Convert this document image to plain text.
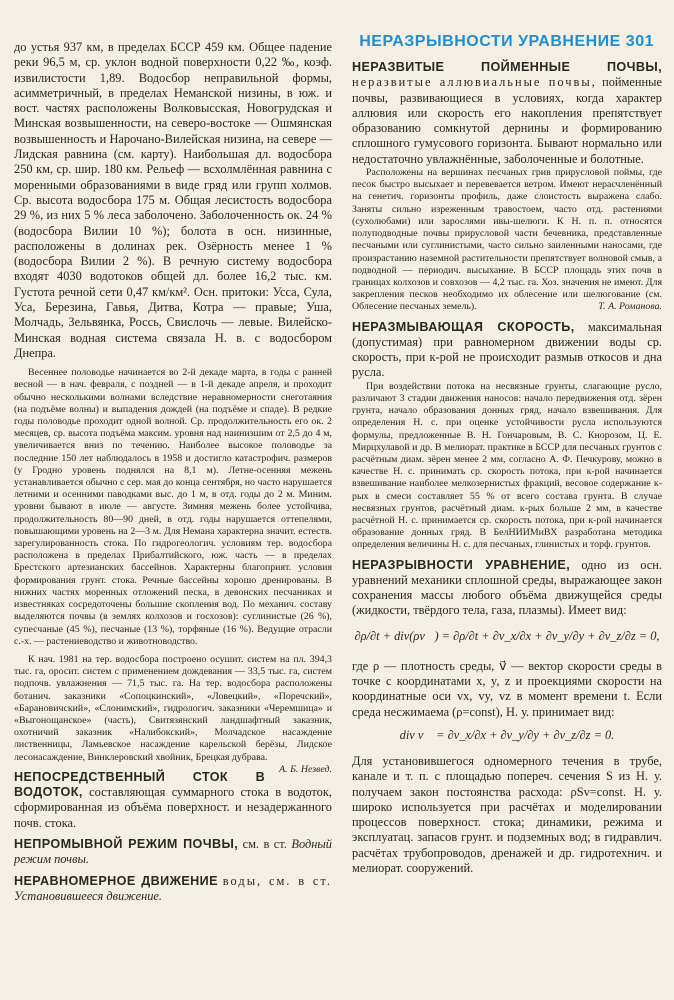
НЕРАЗРЫВНОСТИ УРАВНЕНИЕ 301

до устья 937 км, в пределах БССР 459 км. Общее падение реки 96,5 м, ср. уклон водной поверхности 0,22 ‰, коэф. извилистости 1,89. Водосбор неправильной формы, асимметричный, в пределах Неманской низины, в юж. и вост. частях расположены Волковысская, Новогрудская и Минская возвышенности, на северо-востоке — Ошмянская возвышенность и Нарочано-Вилейская низина, на севере — Лидская равнина (см. карту). Наибольшая дл. водосбора 250 км, ср. шир. 180 км. Рельеф — всхолмлённая равнина с моренными образованиями в виде гряд или групп холмов. Ср. высота водосбора 175 м. Общая лесистость водосбора 29 %, из них 5 % леса заболочено. Заболоченность ок. 24 % (водосбора Вилии 10 %); болота в осн. низинные, расположены в долинах рек. Озёрность менее 1 % (водосбора Вилии 2 %). В речную систему водосбора входят 4030 водотоков общей дл. более 16,2 тыс. км. Густота речной сети 0,47 км/км². Осн. притоки: Усса, Сула, Уса, Березина, Гавья, Дитва, Котра — правые; Уша, Молчадь, Зельвянка, Россь, Свислочь — левые. Вилейско-Минская водная система связала Н. в. с водосбором Днепра.

Весеннее половодье начинается во 2-й декаде марта, в годы с ранней весной — в нач. февраля, с поздней — в 1-й декаде апреля, и проходит обычно несколькими волнами вследствие неравномерности снеготаяния (на подъёме волны) и выпадения дождей (на подъёме и спаде). В редкие годы половодье проходит одной волной. Ср. продолжительность его ок. 2 месяцев, ср. высота подъёма максим. уровня над наинизшим от 2,5 до 4 м, увеличивается вниз по течению. Наиболее высокое половодье за последние 150 лет наблюдалось в 1958 и достигло катастрофич. размеров (у Гродно уровень поднялся на 8,1 м). Летне-осенняя межень устанавливается обычно с сер. мая до конца сентября, но часто нарушается летними и осенними паводками выс. до 1 м, в отд. годы до 2 м. Миним. уровни бывают в июле — августе. Зимняя межень более устойчива, продолжительность 80—90 дней, в отд. годы нарушается оттепелями, повышающими уровень на 2—3 м. Для Немана характерна значит. естеств. зарегулированность стока. По гидрогеологич. условиям тер. водосбора расположена в пределах Прибалтийского, юж. часть — в пределах Брестского артезианских бассейнов. Характерны благоприят. условия формирования грунт. стока. Речные бассейны хорошо дренированы. В нижних частях моренных отложений песка, в девонских песчаниках и известняках сосредоточены большие скопления вод. По механич. составу выделяются почвы (в землях колхозов и госхозов): суглинистые (26 %), супесчаные (45 %), песчаные (13 %), торфяные (16 %). Ведущие отрасли с.-х. — растениеводство и животноводство.

К нач. 1981 на тер. водосбора построено осушит. систем на пл. 394,3 тыс. га, оросит. систем с применением дождевания — 33,5 тыс. га, систем подпочв. увлажнения — 71,5 тыс. га. На тер. водосбора расположены ботанич. заказники «Сопоцкинский», «Ловецкий», «Поречский», «Барановичский», «Слонимский», гидрологич. заказники «Черемшица» и «Выгонощанское» (часть), Свитязянский ландшафтный заказник, охотничий заказник «Налибокский», Молчадское насаждение лиственницы, Ламьевское насаждение карельской берёзы, Лидское лесонасаждение, Винклеровский хвойник, Брецкая дубрава.
А. Б. Незвед.

НЕПОСРЕДСТВЕННЫЙ СТОК В ВОДОТОК, составляющая суммарного стока в водоток, сформированная из объёма поверхност. и незадержанного почв. стока.

НЕПРОМЫВНОЙ РЕЖИМ ПОЧВЫ, см. в ст. Водный режим почвы.

НЕРАВНОМЕРНОЕ ДВИЖЕНИЕ воды, см. в ст. Установившееся движение.

НЕРАЗВИТЫЕ ПОЙМЕННЫЕ ПОЧВЫ, неразвитые аллювиальные почвы, пойменные почвы, развивающиеся в условиях, когда характер аллювия или скорость его накопления препятствует образованию сомкнутой дернины и формированию сплошного гумусового горизонта. Бывают нормально или недостаточно увлажнённые, заболоченные и болотные.

Расположены на вершинах песчаных грив прирусловой поймы, где песок быстро высыхает и перевевается ветром. Имеют нерасчленённый на генетич. горизонты профиль, даже слоистость выражена слабо. Заняты сильно изреженным травостоем, часто отд. растениями (сухолюбами) или зарослями ивы-шелюги. К Н. п. п. относятся полуподводные почвы прирусловой части бечевника, представленные песчаными или суглинистыми, часто сильно заиленными наносами, где произрастанию наземной растительности препятствует волновой смыв, а подводной — периодич. высыхание. В БССР площадь этих почв в границах колхозов и совхозов — 4,2 тыс. га. Хоз. значения не имеют. Для закрепления песков необходимо их облесение или шелюгование (см. Облесение песчаных земель).	Т. А. Романова.

НЕРАЗМЫВАЮЩАЯ СКОРОСТЬ, максимальная (допустимая) при равномерном движении воды ср. скорость, при к-рой не происходит размыв откосов и дна русла.

При воздействии потока на несвязные грунты, слагающие русло, различают 3 стадии движения наносов: начало передвижения отд. зёрен грунта, начало образования донных гряд, начало взвешивания. Для определения Н. с. при оценке устойчивости русла используются формулы, предложенные В. Н. Гончаровым, В. С. Кнорозом, Ц. Е. Мирцхулавой и др. В мелиорат. практике в БССР для песчаных грунтов с расчётным диам. зёрен менее 2 мм, согласно А. Ф. Печкурову, можно в качестве Н. с. принимать ср. скорость потока, при к-рой начинается взвешивание наиболее мелкозернистых фракций, весовое содержание к-рых в смеси составляет 55 % от всего состава грунта. В случае несвязных грунтов, расчётный диам. к-рых больше 2 мм, в качестве расчётной Н. с. принимается ср. скорость потока, при к-рой начинается образование донных гряд. В БелНИИМиВХ разработана методика определения величины Н. с. для песчаных, глинистых и торф. грунтов.

НЕРАЗРЫВНОСТИ УРАВНЕНИЕ, одно из осн. уравнений механики сплошной среды, выражающее закон сохранения массы любого объёма движущейся среды (жидкости, твёрдого тела, газа, плазмы). Имеет вид:

∂ρ/∂t + div(ρv⃗) = ∂ρ/∂t + ∂v_x/∂x + ∂v_y/∂y + ∂v_z/∂z = 0,

где ρ — плотность среды, v⃗ — вектор скорости среды в точке с координатами x, y, z и проекциями скорости на координатные оси vx, vy, vz в момент времени t. Если среда несжимаема (ρ=const), Н. у. принимает вид:

div v⃗ = ∂v_x/∂x + ∂v_y/∂y + ∂v_z/∂z = 0.

Для установившегося одномерного течения в трубе, канале и т. п. с площадью попереч. сечения S из Н. у. получаем закон постоянства расхода: ρSv=const. Н. у. широко используется при расчётах и моделировании процессов поверхност. стока; динамики, режима и эксплуатац. запасов грунт. и подземных вод; в гидравлич. расчётах трубопроводов, дренажей и др. гидротехнич. и мелиорат. сооружений.
